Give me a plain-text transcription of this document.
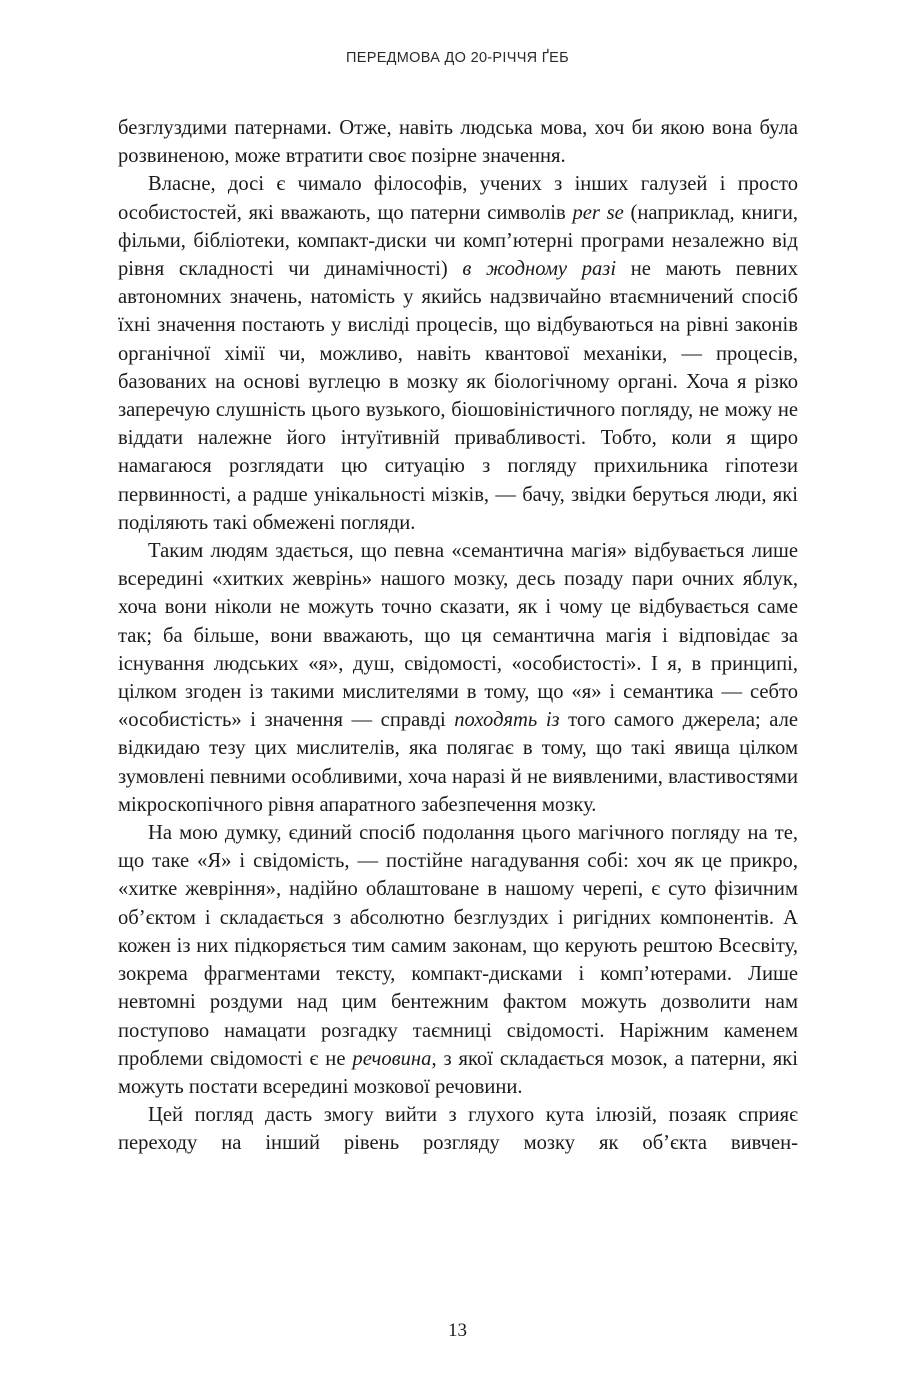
ПЕРЕДМОВА ДО 20-РІЧЧЯ ҐЕБ

безглуздими патернами. Отже, навіть людська мова, хоч би якою вона була розвиненою, може втратити своє позірне значення.

Власне, досі є чимало філософів, учених з інших галузей і просто особистостей, які вважають, що патерни символів per se (наприклад, книги, фільми, бібліотеки, компакт-диски чи комп’ютерні програми незалежно від рівня складності чи динамічності) в жодному разі не мають певних автономних значень, натомість у якийсь надзвичайно втаємничений спосіб їхні значення постають у висліді процесів, що відбуваються на рівні законів органічної хімії чи, можливо, навіть квантової механіки, — процесів, базованих на основі вуглецю в мозку як біологічному органі. Хоча я різко заперечую слушність цього вузького, біошовіністичного погляду, не можу не віддати належне його інтуїтивній привабливості. Тобто, коли я щиро намагаюся розглядати цю ситуацію з погляду прихильника гіпотези первинності, а радше унікальності мізків, — бачу, звідки беруться люди, які поділяють такі обмежені погляди.

Таким людям здається, що певна «семантична магія» відбувається лише всередині «хитких жеврінь» нашого мозку, десь позаду пари очних яблук, хоча вони ніколи не можуть точно сказати, як і чому це відбувається саме так; ба більше, вони вважають, що ця семантична магія і відповідає за існування людських «я», душ, свідомості, «особистості». І я, в принципі, цілком згоден із такими мислителями в тому, що «я» і семантика — себто «особистість» і значення — справді походять із того самого джерела; але відкидаю тезу цих мислителів, яка полягає в тому, що такі явища цілком зумовлені певними особливими, хоча наразі й не виявленими, властивостями мікроскопічного рівня апаратного забезпечення мозку.

На мою думку, єдиний спосіб подолання цього магічного погляду на те, що таке «Я» і свідомість, — постійне нагадування собі: хоч як це прикро, «хитке жевріння», надійно облаштоване в нашому черепі, є суто фізичним об’єктом і складається з абсолютно безглуздих і ригідних компонентів. А кожен із них підкоряється тим самим законам, що керують рештою Всесвіту, зокрема фрагментами тексту, компакт-дисками і комп’ютерами. Лише невтомні роздуми над цим бентежним фактом можуть дозволити нам поступово намацати розгадку таємниці свідомості. Наріжним каменем проблеми свідомості є не речовина, з якої складається мозок, а патерни, які можуть постати всередині мозкової речовини.

Цей погляд дасть змогу вийти з глухого кута ілюзій, позаяк сприяє переходу на інший рівень розгляду мозку як об’єкта вивчен-

13
